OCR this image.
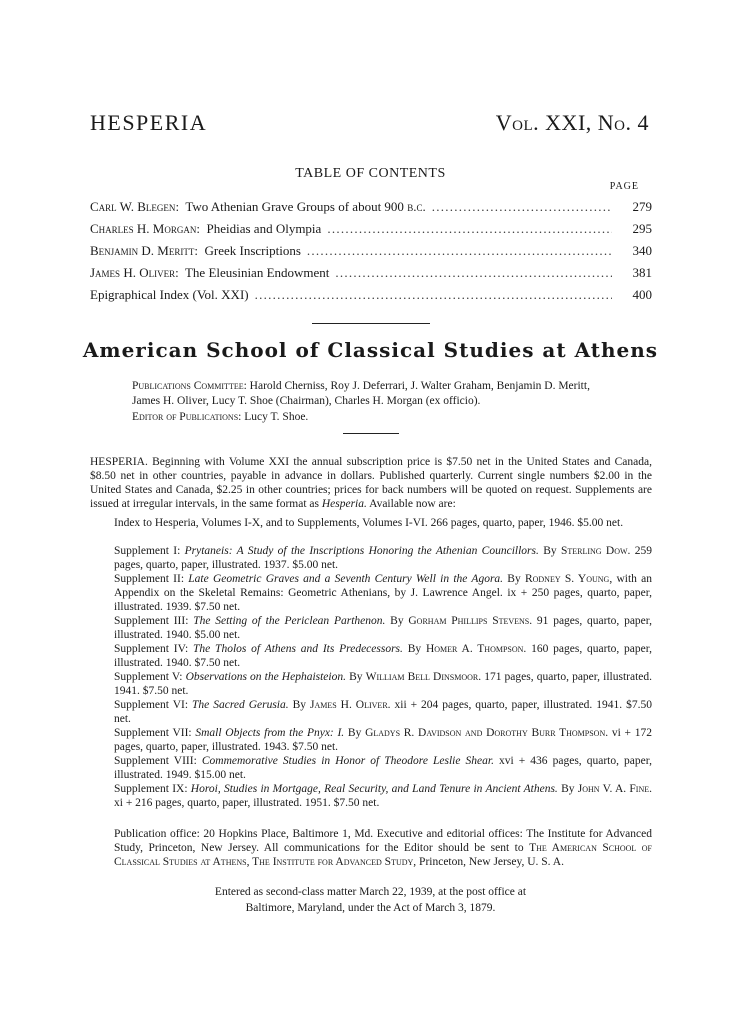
HESPERIA	Vol. XXI, No. 4
TABLE OF CONTENTS
PAGE
Carl W. Blegen:  Two Athenian Grave Groups of about 900 b.c. . . .	279
Charles H. Morgan:  Pheidias and Olympia . . .	295
Benjamin D. Meritt:  Greek Inscriptions . . .	340
James H. Oliver:  The Eleusinian Endowment . . .	381
Epigraphical Index (Vol. XXI) . . .	400
American School of Classical Studies at Athens
Publications Committee: Harold Cherniss, Roy J. Deferrari, J. Walter Graham, Benjamin D. Meritt, James H. Oliver, Lucy T. Shoe (Chairman), Charles H. Morgan (ex officio).
Editor of Publications: Lucy T. Shoe.
HESPERIA. Beginning with Volume XXI the annual subscription price is $7.50 net in the United States and Canada, $8.50 net in other countries, payable in advance in dollars. Published quarterly. Current single numbers $2.00 in the United States and Canada, $2.25 in other countries; prices for back numbers will be quoted on request. Supplements are issued at irregular intervals, in the same format as Hesperia. Available now are:
Index to Hesperia, Volumes I-X, and to Supplements, Volumes I-VI. 266 pages, quarto, paper, 1946. $5.00 net.
Supplement I: Prytaneis: A Study of the Inscriptions Honoring the Athenian Councillors. By Sterling Dow. 259 pages, quarto, paper, illustrated. 1937. $5.00 net.
Supplement II: Late Geometric Graves and a Seventh Century Well in the Agora. By Rodney S. Young, with an Appendix on the Skeletal Remains: Geometric Athenians, by J. Lawrence Angel. ix + 250 pages, quarto, paper, illustrated. 1939. $7.50 net.
Supplement III: The Setting of the Periclean Parthenon. By Gorham Phillips Stevens. 91 pages, quarto, paper, illustrated. 1940. $5.00 net.
Supplement IV: The Tholos of Athens and Its Predecessors. By Homer A. Thompson. 160 pages, quarto, paper, illustrated. 1940. $7.50 net.
Supplement V: Observations on the Hephaisteion. By William Bell Dinsmoor. 171 pages, quarto, paper, illustrated. 1941. $7.50 net.
Supplement VI: The Sacred Gerusia. By James H. Oliver. xii + 204 pages, quarto, paper, illustrated. 1941. $7.50 net.
Supplement VII: Small Objects from the Pnyx: I. By Gladys R. Davidson and Dorothy Burr Thompson. vi + 172 pages, quarto, paper, illustrated. 1943. $7.50 net.
Supplement VIII: Commemorative Studies in Honor of Theodore Leslie Shear. xvi + 436 pages, quarto, paper, illustrated. 1949. $15.00 net.
Supplement IX: Horoi, Studies in Mortgage, Real Security, and Land Tenure in Ancient Athens. By John V. A. Fine. xi + 216 pages, quarto, paper, illustrated. 1951. $7.50 net.
Publication office: 20 Hopkins Place, Baltimore 1, Md. Executive and editorial offices: The Institute for Advanced Study, Princeton, New Jersey. All communications for the Editor should be sent to The American School of Classical Studies at Athens, The Institute for Advanced Study, Princeton, New Jersey, U. S. A.
Entered as second-class matter March 22, 1939, at the post office at
Baltimore, Maryland, under the Act of March 3, 1879.
